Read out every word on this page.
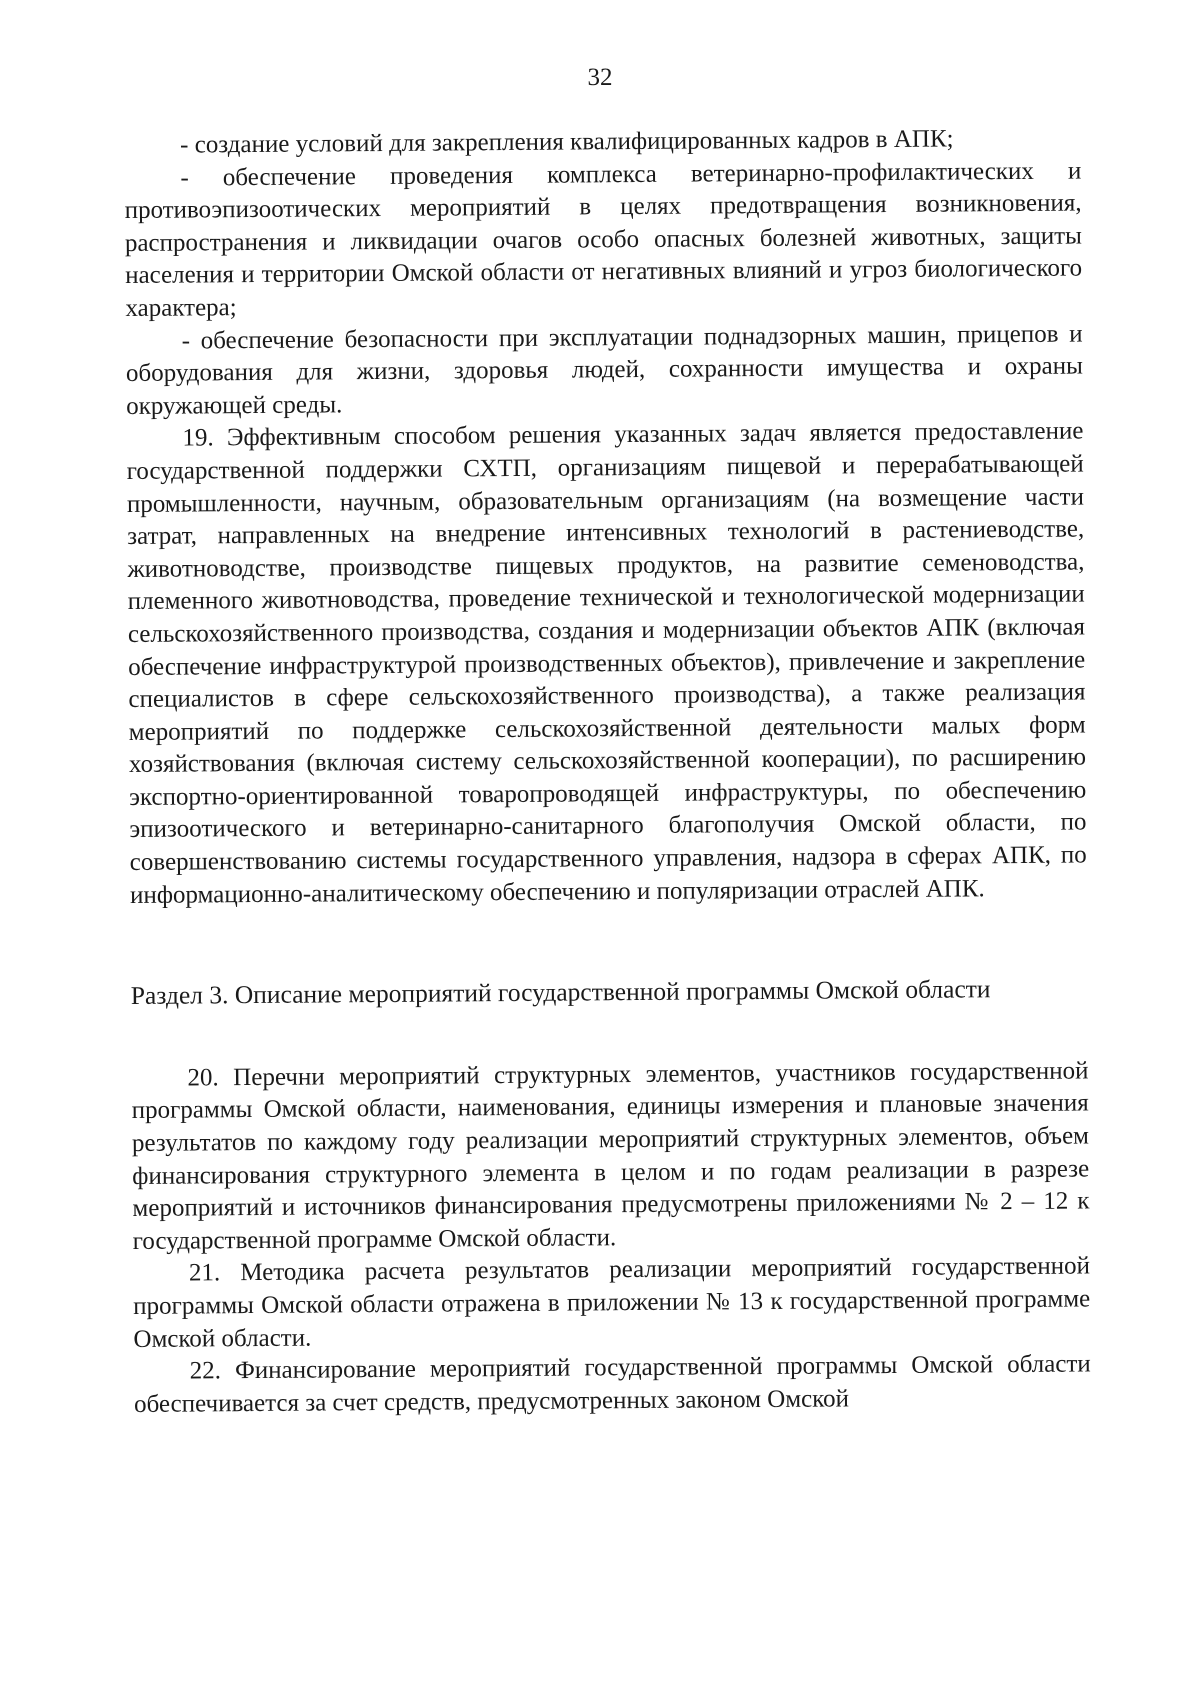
32

- создание условий для закрепления квалифицированных кадров в АПК;

- обеспечение проведения комплекса ветеринарно-профилактических и противоэпизоотических мероприятий в целях предотвращения возникновения, распространения и ликвидации очагов особо опасных болезней животных, защиты населения и территории Омской области от негативных влияний и угроз биологического характера;

- обеспечение безопасности при эксплуатации поднадзорных машин, прицепов и оборудования для жизни, здоровья людей, сохранности имущества и охраны окружающей среды.

19. Эффективным способом решения указанных задач является предоставление государственной поддержки СХТП, организациям пищевой и перерабатывающей промышленности, научным, образовательным организациям (на возмещение части затрат, направленных на внедрение интенсивных технологий в растениеводстве, животноводстве, производстве пищевых продуктов, на развитие семеноводства, племенного животноводства, проведение технической и технологической модернизации сельскохозяйственного производства, создания и модернизации объектов АПК (включая обеспечение инфраструктурой производственных объектов), привлечение и закрепление специалистов в сфере сельскохозяйственного производства), а также реализация мероприятий по поддержке сельскохозяйственной деятельности малых форм хозяйствования (включая систему сельскохозяйственной кооперации), по расширению экспортно-ориентированной товаропроводящей инфраструктуры, по обеспечению эпизоотического и ветеринарно-санитарного благополучия Омской области, по совершенствованию системы государственного управления, надзора в сферах АПК, по информационно-аналитическому обеспечению и популяризации отраслей АПК.

Раздел 3. Описание мероприятий государственной программы Омской области

20. Перечни мероприятий структурных элементов, участников государственной программы Омской области, наименования, единицы измерения и плановые значения результатов по каждому году реализации мероприятий структурных элементов, объем финансирования структурного элемента в целом и по годам реализации в разрезе мероприятий и источников финансирования предусмотрены приложениями № 2 – 12 к государственной программе Омской области.

21. Методика расчета результатов реализации мероприятий государственной программы Омской области отражена в приложении № 13 к государственной программе Омской области.

22. Финансирование мероприятий государственной программы Омской области обеспечивается за счет средств, предусмотренных законом Омской
